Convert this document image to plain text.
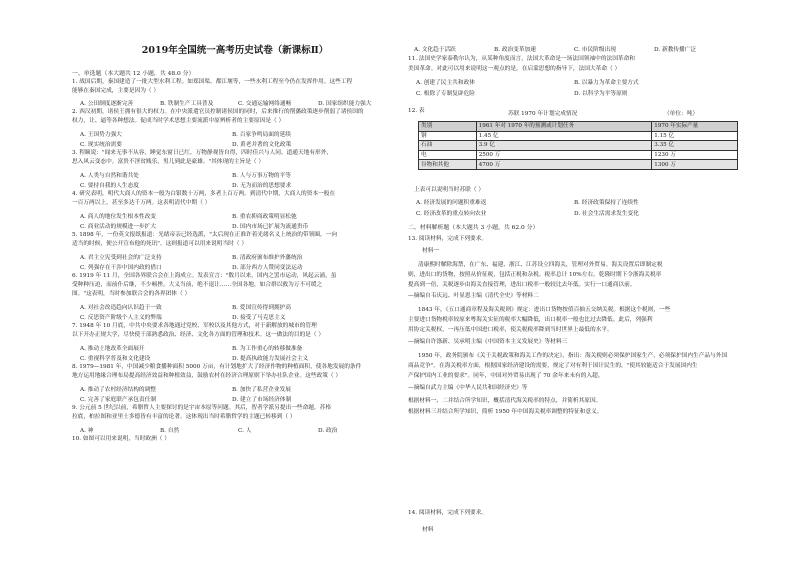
2019年全国统一高考历史试卷（新课标Ⅱ）
一、单选题（本大题共 12 小题，共 48.0 分）
1. 战国后期，秦国建造了一批大型水利工程。如郑国渠、都江堰等，一些水利工程至今仍在发挥作用。这些工程
能够在秦国完成，主要是因为（ ）
A. 公田制度逐渐完善	B. 铁制生产工具普及	C. 交通运输网络通畅	D. 国家组织能力强大
2. 西汉初期，诸侯王拥有很大的权力。在中央派遣官员控制诸侯国的同时，后来推行的削藩政策逐步削弱了诸侯国的
权力，让、逼等各种想法。促成当时学术思想主要流派中原辨析者的主要原因是（ ）
A. 王国势力强大	B. 百家争鸣局面的延续
C. 现实统治需要	D. 黄老并著的文化政策
3. 程颐说："闻来无事不从容，睡觉东窗日已红。万物静观皆自得，四时佳兴与人同。道通天地有形外，
思入风云变态中。富贵不淫贫贱乐，男儿到此是豪雄。"其体现的主旨是（ ）
A. 人类与自然和谐共处	B. 人与万事万物的平等
C. 要持自我的人生态度	D. 无为而治的思想要求
4. 研究表明，明代大商人的资本一般为白银数十万两，多者上百万两。到清代中期，大商人的资本一般在
一百万两以上，甚至多达千万两。这表明清代中期（ ）
A. 商人的地位发生根本性改变	B. 重农抑商政策明显松弛
C. 商业活动的规模进一步扩大	D. 国内市场已扩展为流通贵币
5. 1898 年，一份英文报纸报道：光绪帝亲已经选派，"太后现在正准许着光绪名义上统治的带领圈，一向
适当的时候，便公开宣布他的死讯"。这则报道可以用来说明当时（ ）
A. 君主立宪受到社会的广泛支持	B. 清政府颁布维护外藩统治
C. 列强存在干涉中国内政的借口	D. 部分西方人赞同变法运动
6. 1919 年 11 月，全国各界联合会在上海成立。发表宣言："数月以来，国内之罢市运动，风起云涌，虽
受种种压迫，而前仆后继，不少顿挫。大义当前，绝不退让……全国各地，如合群以救为万不可缓之
图。"这表明，当时参加联合会的各界团体（ ）
A. 对社会改造趋向认识趋于一致	B. 爱国宣传得到拥护高
C. 反思资产阶级个人主义的弊端	D. 接受了马克思主义
7. 1948 年 10 月底，中共中央要求各地通过党校、军校以及其他方式，对于新解放的城市的管理
以下开办正规大学，尽快使干部熟悉政治、经济、文化各方面的管理和技术。这一做法的目的是（ ）
A. 推动土地改革全面展开	B. 为工作重心的转移做准备
C. 重视科学普及和文化建设	D. 提高执政能力发展社会主义
8. 1979—1981 年，中国减少粮食播种面积 5000 万亩，有计划地扩大了经济作物的种植面积，使各地发展的条件
地方运用地缘合理布局提高经济效益和种植效益，鼓励农村在经济合理原则下举办社队企业。这些政策（ ）
A. 推动了农村经济结构的调整	B. 加快了私营企业发展
C. 完善了家庭联产承包责任制	D. 建立了市场经济体制
9. 公元前 5 世纪以前，希腊哲人主要探讨的是宇宙本原等问题。其后，智者学派另提出一些命题。苏格
拉底，柏拉图和亚里士多德皆有丰富的论著。这体现出当时希腊哲学的主题已转移到（ ）
A. 神	B. 自然	C. 人	D. 政治
10. 如图可以用来说明，当时欧洲（ ）
A. 文化趋于活跃	B. 政治变革加速	C. 市民阶级出现	D. 新教传播广泛
11. 法国史学家泰勒尔认为，从某种角度而言，法国大革命是一场法国领袖中的法国革命和
美国革命。对此可以用来说明这一观点的是，在启蒙思想的指导下，法国大革命（ ）
A. 创建了民主共和政体	B. 以暴力为革命主要方式
C. 根除了专制复辟危险	D. 以科学为平等原则
12. 表	苏联 1970 年计划完成情况	（单位：吨）
类别	1961 年对 1970 年的预测或计划任务	1970 年实际产量
钢	1.45 亿	1.15 亿
石油	3.9 亿	3.35 亿
电	2500 万	1230 万
谷物和其他	4700 万	1300 万
上表可以说明当时苏联（ ）
A. 经济发展的问题积重难返	B. 经济政策保持了连续性
C. 经济改革的重点转向农业	D. 社会生活需求发生变化
二、材料解析题（本大题共 3 小题，共 62.0 分）
13. 阅读材料，完成下列要求。
材料一
清康熙时解除海禁，在广东、福建、浙江、江苏设立四海关，管理对外贸易。海关设置后即制定税
则，进出口的货物，按照从价征税，包括正税和杂税。税率总计 10%左右。乾隆时期下令浙海关税率
提高到一倍，关税逐步由海关直接管理，进出口税率一般较比去年低。实行一口通商以前。
—摘编自韦庆远、叶显恩主编《清代全史》等材料二
1843 年，《五口通商章程及海关税则》规定：进出口货物按值百抽五交纳关税。根据这个税则，一些
主要进口货物税率较原来粤海关实征的税率大幅降低，出口税率一般也比过去降低。此后，列强利
用协定关税权，一再压低中国进口税率，使关税税率降到当时世界上最低的水平。
—摘编自许涤新、吴承明主编《中国资本主义发展史》等材料三
1950 年，政务院颁布《关于关税政策和海关工作的决定》，指出：海关税则必须保护国家生产，必须保护国内生产品与外国
商品竞争"。在海关税率方面，根据国家经济建设的需要，规定了对有利于国计民生的，"使其较能适合于发展国内生
产保护国内工业的要求"。同年，中国对外贸易出现了 70 余年来未有的入超。
—摘编自武力主编《中华人民共和国经济史》等
根据材料一、二并结合所学知识，概括清代海关税率的特点，并简析其原因。
根据材料三并结合所学知识，简析 1950 年中国海关税率调整的特征和意义。
14. 阅读材料，完成下列要求。
材料
